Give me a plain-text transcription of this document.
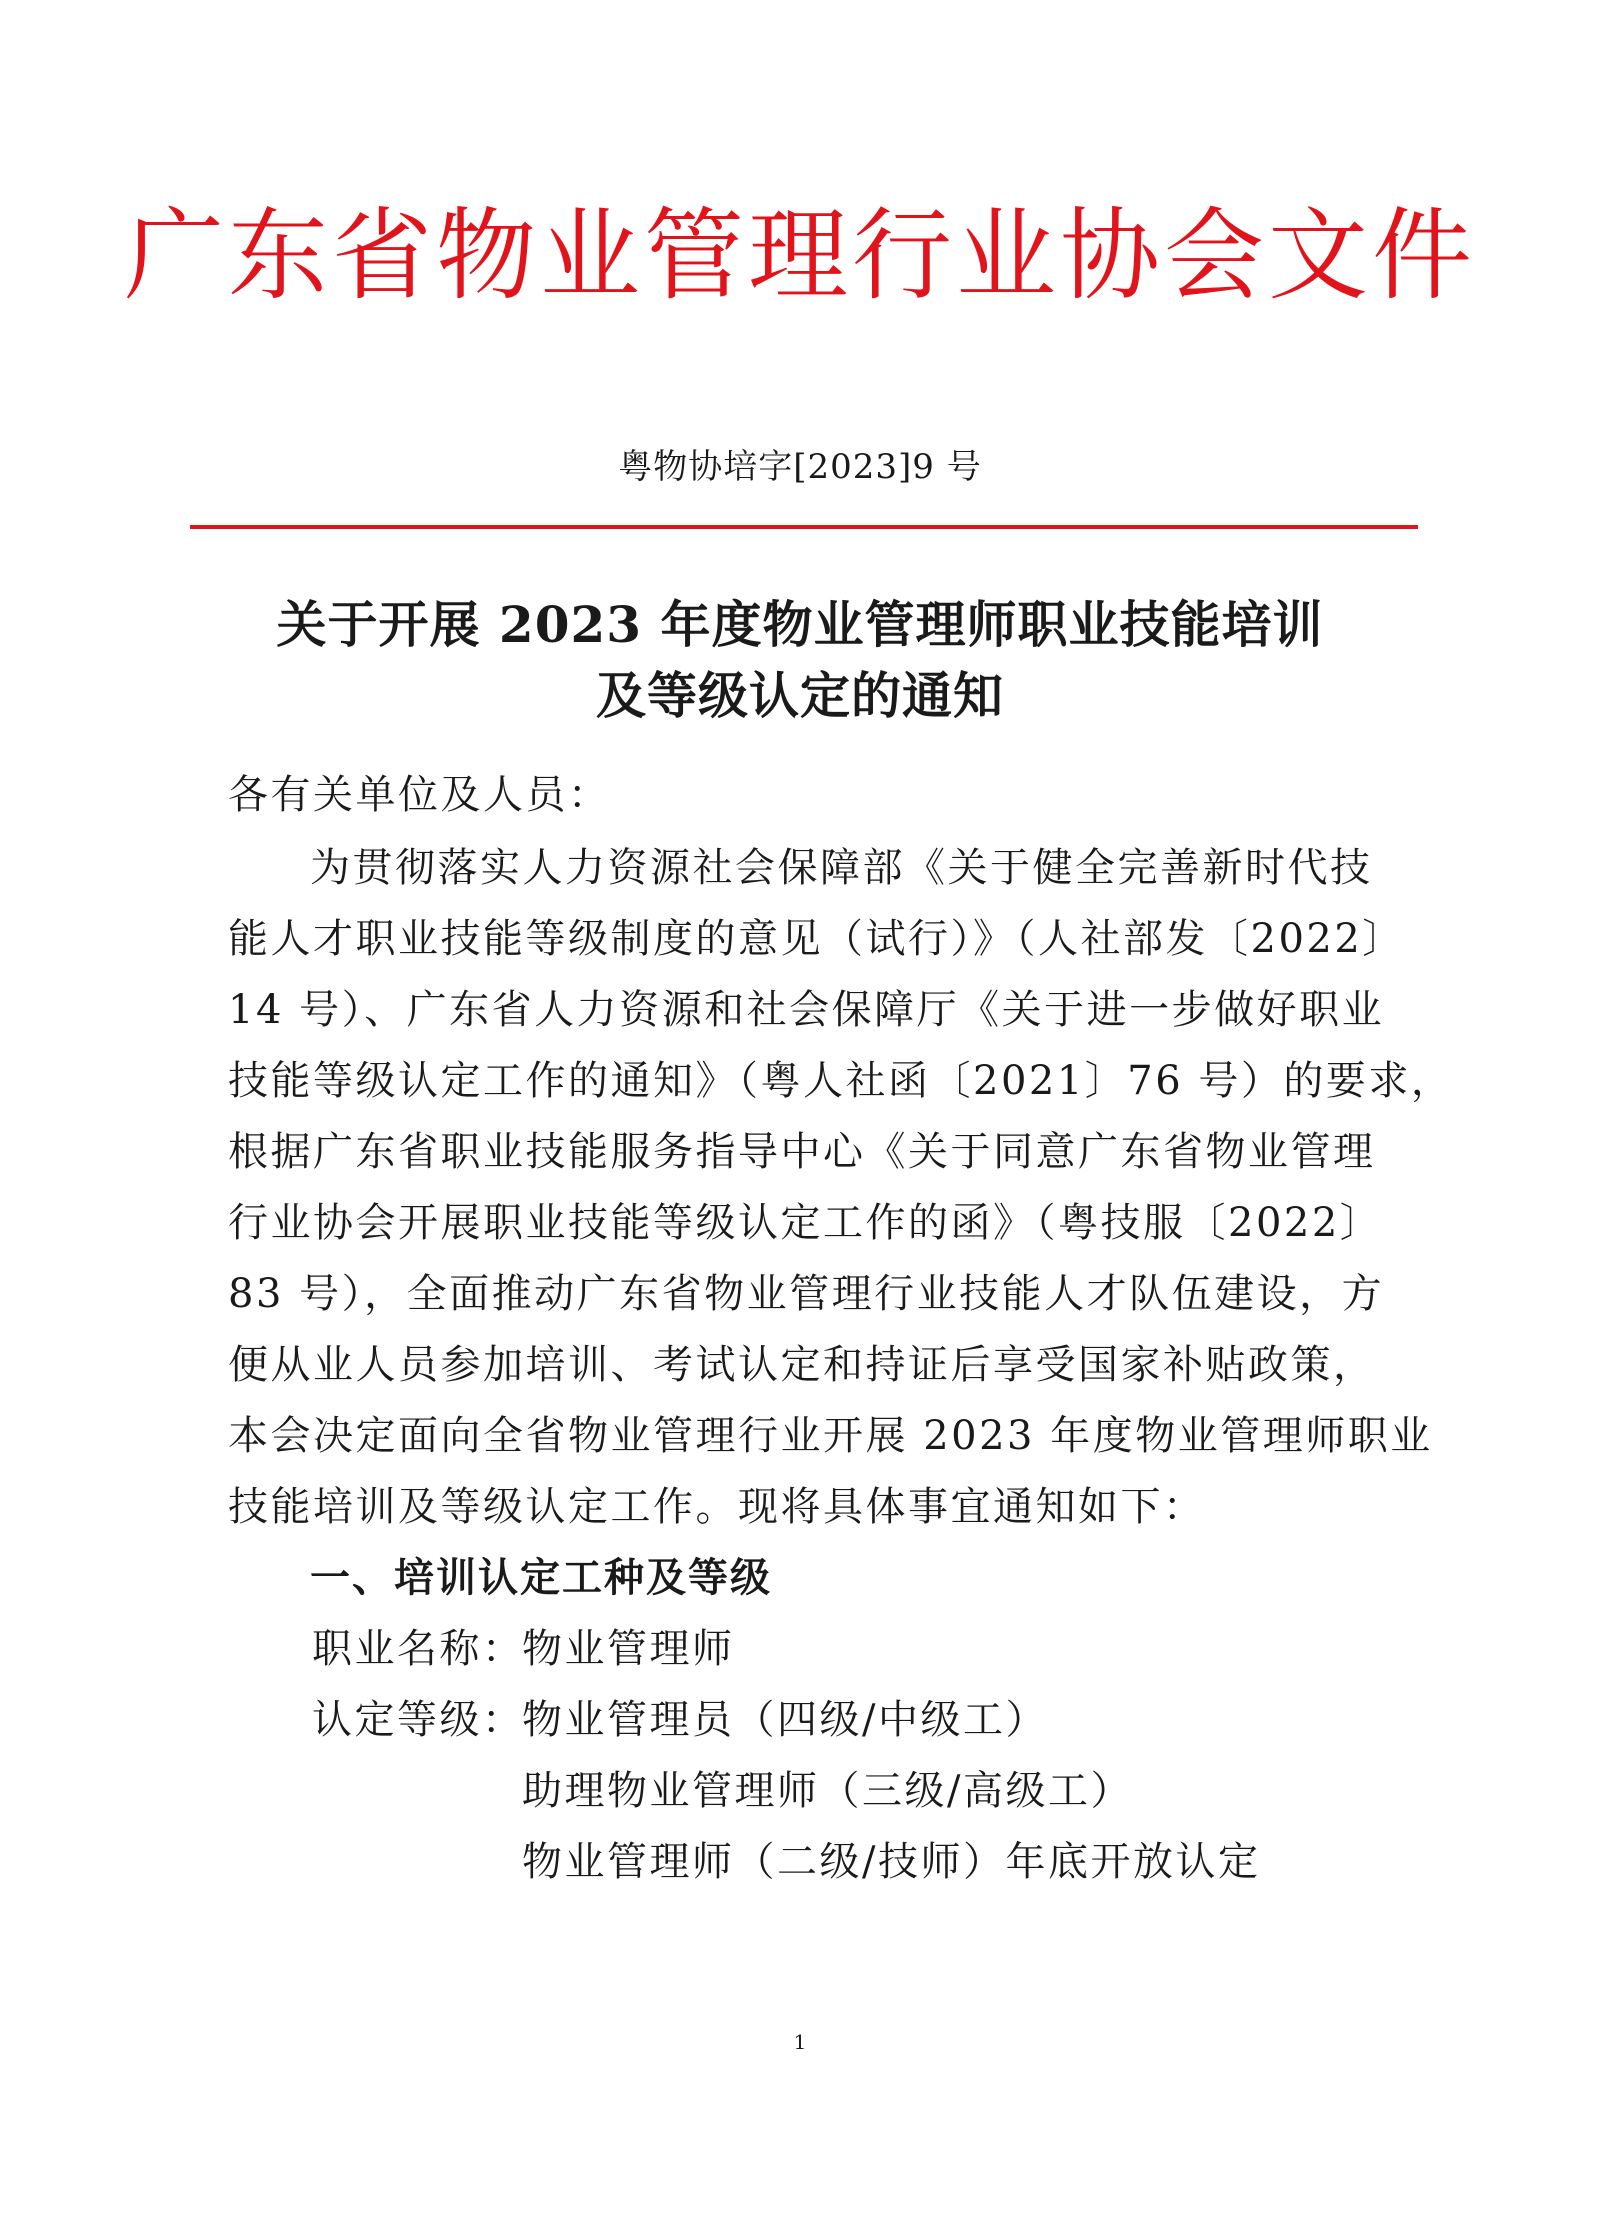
广东省物业管理行业协会文件
粤物协培字[2023]9 号
关于开展 2023 年度物业管理师职业技能培训
及等级认定的通知
各有关单位及人员：
为贯彻落实人力资源社会保障部《关于健全完善新时代技
能人才职业技能等级制度的意见（试行）》（人社部发〔2022〕
14 号）、广东省人力资源和社会保障厅《关于进一步做好职业
技能等级认定工作的通知》（粤人社函〔2021〕76 号）的要求，
根据广东省职业技能服务指导中心《关于同意广东省物业管理
行业协会开展职业技能等级认定工作的函》（粤技服〔2022〕
83 号），全面推动广东省物业管理行业技能人才队伍建设，方
便从业人员参加培训、考试认定和持证后享受国家补贴政策，
本会决定面向全省物业管理行业开展 2023 年度物业管理师职业
技能培训及等级认定工作。现将具体事宜通知如下：
一、培训认定工种及等级
职业名称：
物业管理师
认定等级：
物业管理员（四级/中级工）
助理物业管理师（三级/高级工）
物业管理师（二级/技师）年底开放认定
1
